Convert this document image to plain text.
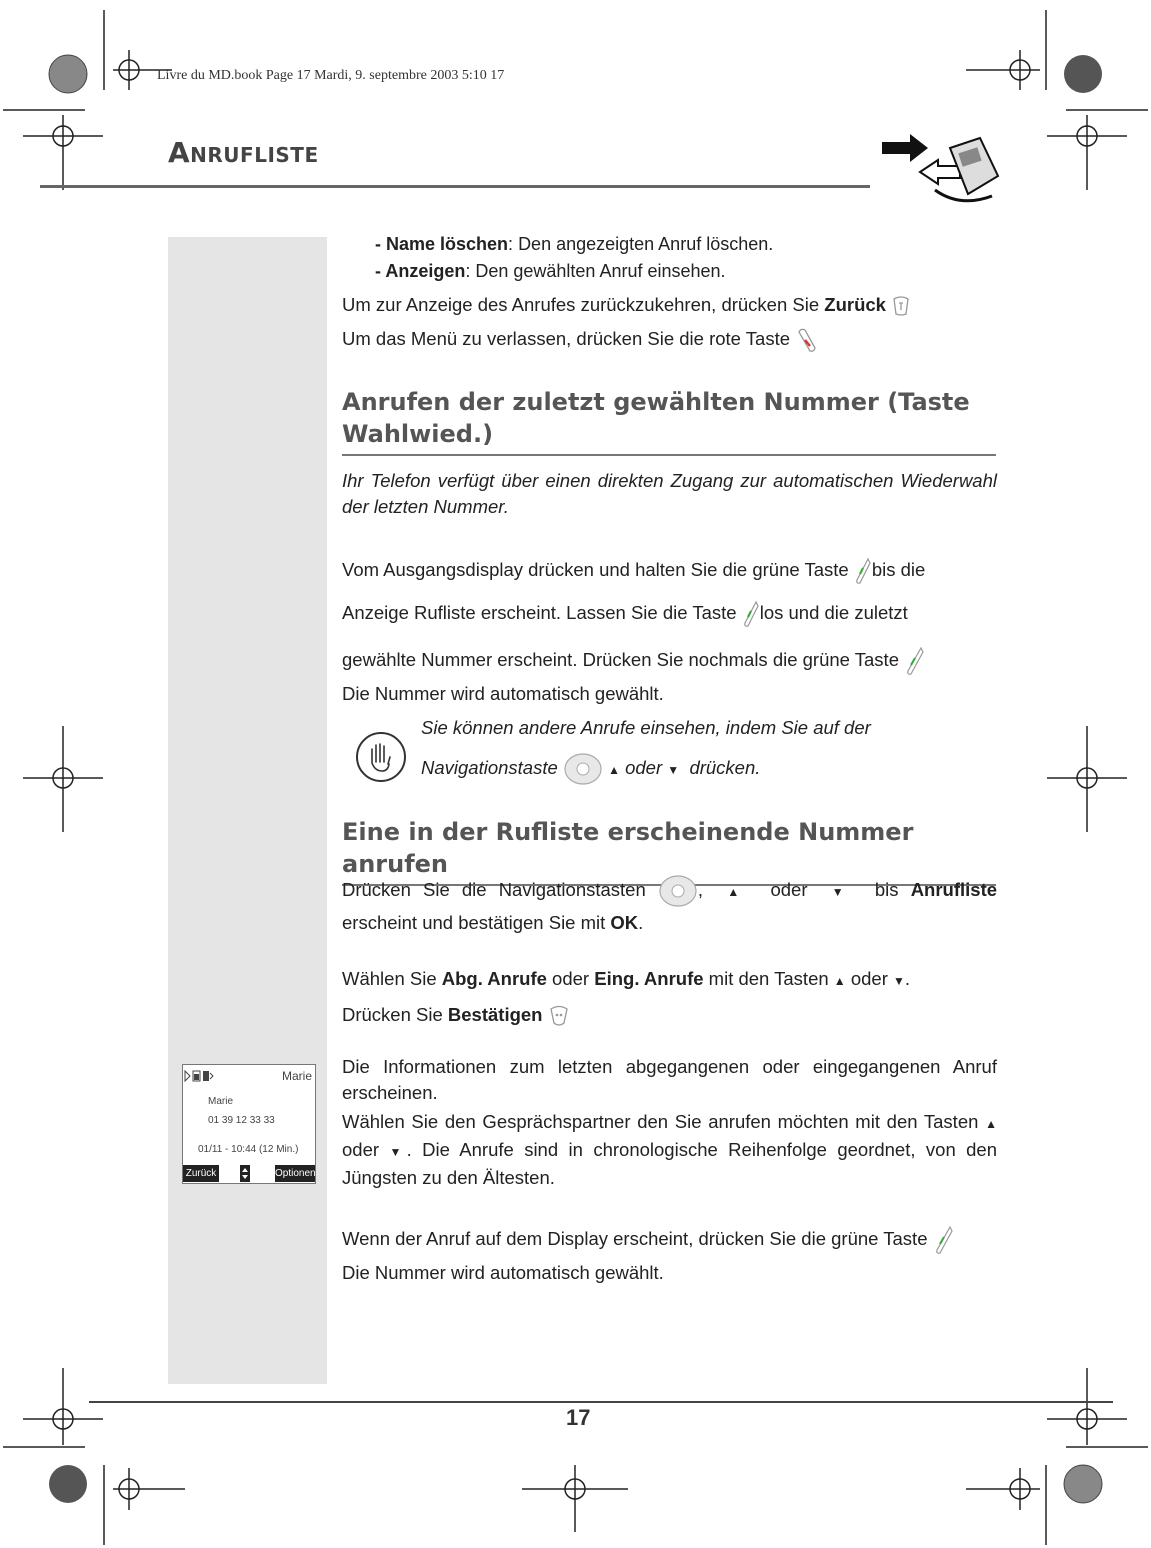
Livre du MD.book Page 17 Mardi, 9. septembre 2003 5:10 17
Anrufliste
- Name löschen: Den angezeigten Anruf löschen.
- Anzeigen: Den gewählten Anruf einsehen.

Um zur Anzeige des Anrufes zurückzukehren, drücken Sie Zurück

Um das Menü zu verlassen, drücken Sie die rote Taste

Anrufen der zuletzt gewählten Nummer (Taste Wahlwied.)
Ihr Telefon verfügt über einen direkten Zugang zur automatischen Wiederwahl der letzten Nummer.

Vom Ausgangsdisplay drücken und halten Sie die grüne Taste bis die

Anzeige Rufliste erscheint. Lassen Sie die Taste los und die zuletzt

gewählte Nummer erscheint. Drücken Sie nochmals die grüne Taste

Die Nummer wird automatisch gewählt.

Sie können andere Anrufe einsehen, indem Sie auf der
Navigationstaste	▲ oder ▼ drücken.
Eine in der Rufliste erscheinende Nummer anrufen

Drücken Sie die Navigationstasten	,  ▲ oder ▼ bis Anrufliste

erscheint und bestätigen Sie mit OK.

Wählen Sie Abg. Anrufe oder Eing. Anrufe mit den Tasten ▲ oder ▼.

Drücken Sie Bestätigen

Die Informationen zum letzten abgegangenen oder eingegangenen Anruf erscheinen.
Wählen Sie den Gesprächspartner den Sie anrufen möchten mit den Tasten ▲ oder ▼. Die Anrufe sind in chronologische Reihenfolge geordnet, von den Jüngsten zu den Ältesten.

Wenn der Anruf auf dem Display erscheint, drücken Sie die grüne Taste

Die Nummer wird automatisch gewählt.

Marie
Marie
01 39 12 33 33
01/11 - 10:44 (12 Min.)
Zurück	Optionen
17
